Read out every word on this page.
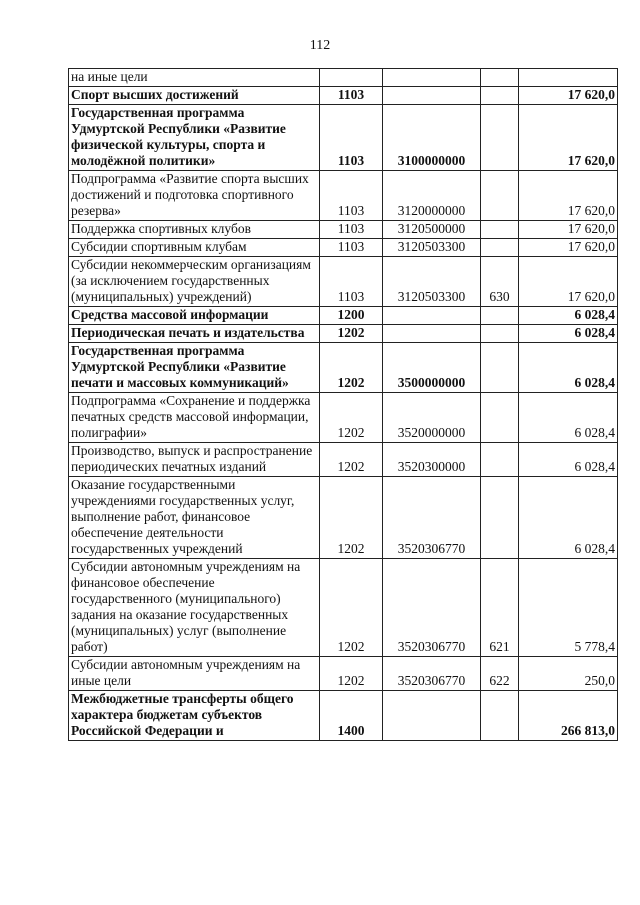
112
на иные цели				
Спорт высших достижений	1103			17 620,0
Государственная программа Удмуртской Республики «Развитие физической культуры, спорта и молодёжной политики»	1103	3100000000		17 620,0
Подпрограмма «Развитие спорта высших достижений и подготовка спортивного резерва»	1103	3120000000		17 620,0
Поддержка спортивных клубов	1103	3120500000		17 620,0
Субсидии спортивным клубам	1103	3120503300		17 620,0
Субсидии некоммерческим организациям (за исключением государственных (муниципальных) учреждений)	1103	3120503300	630	17 620,0
Средства массовой информации	1200			6 028,4
Периодическая печать и издательства	1202			6 028,4
Государственная программа Удмуртской Республики «Развитие печати и массовых коммуникаций»	1202	3500000000		6 028,4
Подпрограмма «Сохранение и поддержка печатных средств массовой информации, полиграфии»	1202	3520000000		6 028,4
Производство, выпуск и распространение периодических печатных изданий	1202	3520300000		6 028,4
Оказание государственными учреждениями государственных услуг, выполнение работ, финансовое обеспечение деятельности государственных учреждений	1202	3520306770		6 028,4
Субсидии автономным учреждениям на финансовое обеспечение государственного (муниципального) задания на оказание государственных (муниципальных) услуг (выполнение работ)	1202	3520306770	621	5 778,4
Субсидии автономным учреждениям на иные цели	1202	3520306770	622	250,0
Межбюджетные трансферты общего характера бюджетам субъектов Российской Федерации и	1400			266 813,0
